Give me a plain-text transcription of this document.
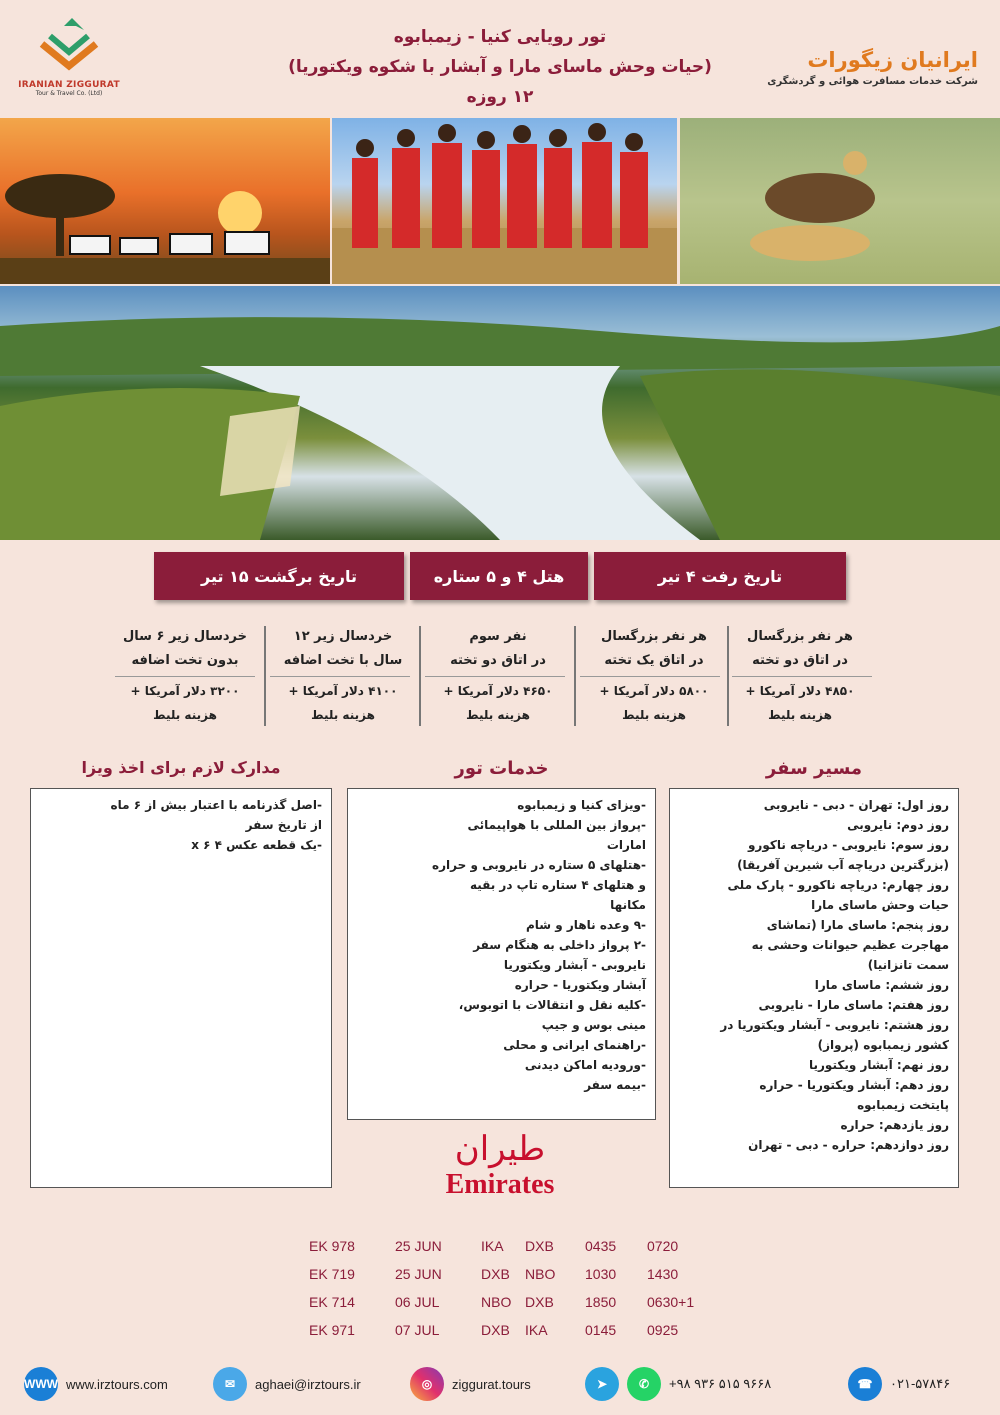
IRANIAN ZIGGURAT
Tour & Travel Co. (Ltd)
تور رویایی کنیا - زیمبابوه
(حیات وحش ماسای مارا و آبشار با شکوه ویکتوریا)
۱۲ روزه
ایرانیان زیگورات
شرکت خدمات مسافرت هوائی و گردشگری
تاریخ رفت ۴ تیر
هتل ۴ و ۵ ستاره
تاریخ برگشت ۱۵ تیر
هر نفر بزرگسال
در اتاق دو تخته
۴۸۵۰ دلار آمریکا +
هزینه بلیط
هر نفر بزرگسال
در اتاق یک تخته
۵۸۰۰ دلار آمریکا +
هزینه بلیط
نفر سوم
در اتاق دو تخته
۴۶۵۰ دلار آمریکا +
هزینه بلیط
خردسال زیر ۱۲
سال با تخت اضافه
۴۱۰۰ دلار آمریکا +
هزینه بلیط
خردسال زیر ۶ سال
بدون تخت اضافه
۳۲۰۰ دلار آمریکا +
هزینه بلیط
مسیر سفر
خدمات تور
مدارک لازم برای اخذ ویزا
روز اول: تهران - دبی - نایروبی
روز دوم: نایروبی
روز سوم: نایروبی - دریاچه ناکورو
(بزرگترین دریاچه آب شیرین آفریقا)
روز چهارم: دریاچه ناکورو - پارک ملی
حیات وحش ماسای مارا
روز پنجم: ماسای مارا (تماشای
مهاجرت عظیم حیوانات وحشی به
سمت تانزانیا)
روز ششم: ماسای مارا
روز هفتم: ماسای مارا - نایروبی
روز هشتم: نایروبی - آبشار ویکتوریا در
کشور زیمبابوه (پرواز)
روز نهم: آبشار ویکتوریا
روز دهم: آبشار ویکتوریا - حراره
پایتخت زیمبابوه
روز یازدهم: حراره
روز دوازدهم: حراره - دبی - تهران
-ویزای کنیا و زیمبابوه
-پرواز بین المللی با هواپیمائی
امارات
-هتلهای ۵ ستاره در نایروبی و حراره
و هتلهای ۴ ستاره تاپ در بقیه
مکانها
-۹ وعده ناهار و شام
-۲ پرواز داخلی به هنگام سفر
نایروبی - آبشار ویکتوریا
آبشار ویکتوریا - حراره
-کلیه نقل و انتقالات با اتوبوس،
مینی بوس و جیپ
-راهنمای ایرانی و محلی
-ورودیه اماکن دیدنی
-بیمه سفر
-اصل گذرنامه با اعتبار بیش از ۶ ماه
از تاریخ سفر
-یک قطعه عکس ۴ x ۶
طيران
Emirates
EK 978	25 JUN	IKA	DXB	0435	0720
EK 719	25 JUN	DXB	NBO	1030	1430
EK 714	06 JUL	NBO DXB	1850	0630+1
EK 971	07 JUL	DXB	IKA	0145	0925
WWW www.irztours.com	✉	aghaei@irztours.ir	◎	ziggurat.tours	➤	✆	+۹۸ ۹۳۶ ۵۱۵ ۹۶۶۸	☎	۰۲۱-۵۷۸۴۶
